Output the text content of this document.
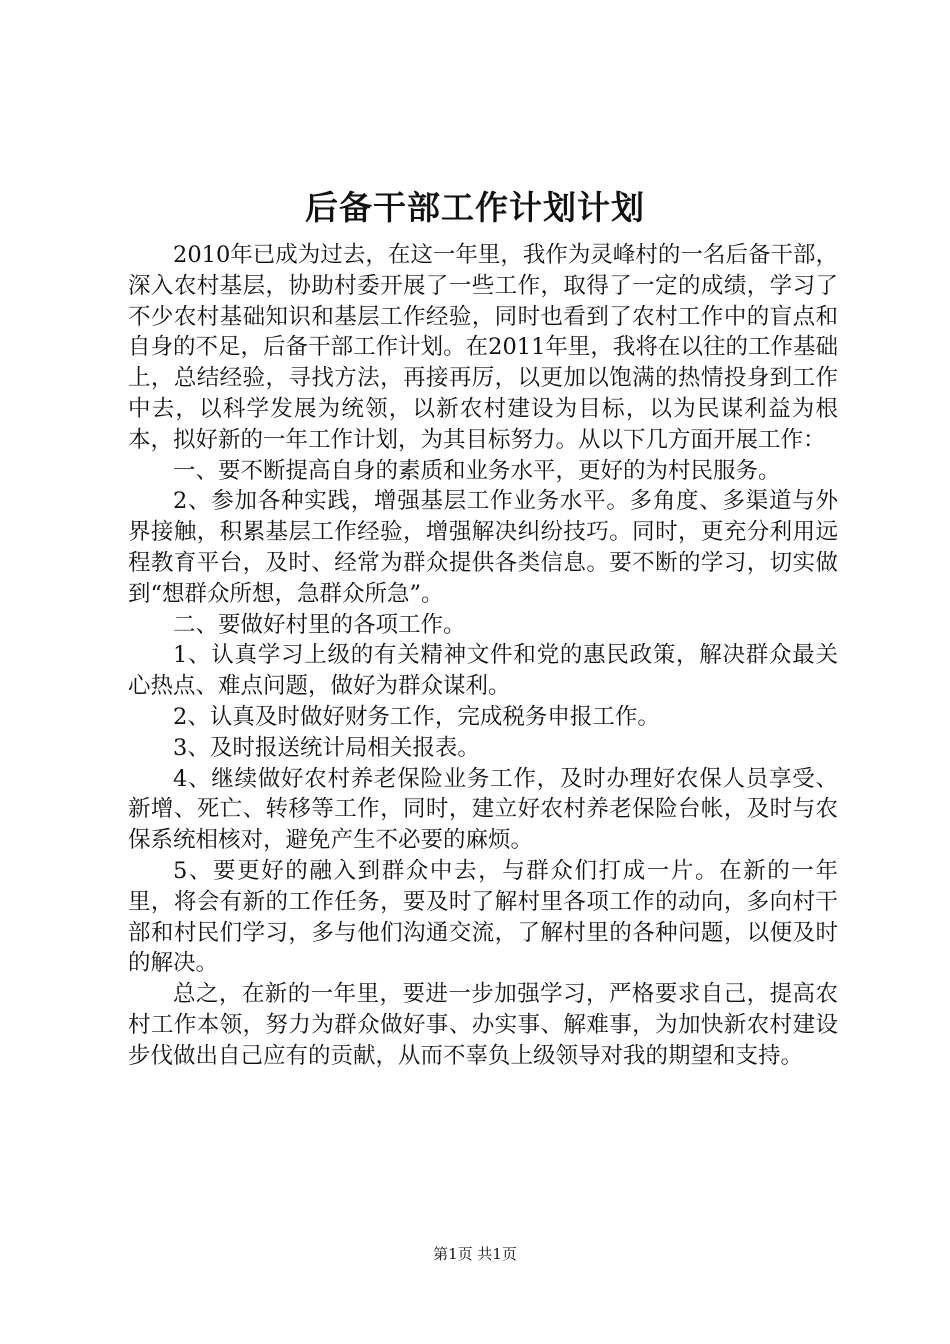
后备干部工作计划计划

2010年已成为过去，在这一年里，我作为灵峰村的一名后备干部，深入农村基层，协助村委开展了一些工作，取得了一定的成绩，学习了不少农村基础知识和基层工作经验，同时也看到了农村工作中的盲点和自身的不足，后备干部工作计划。在2011年里，我将在以往的工作基础上，总结经验，寻找方法，再接再厉，以更加以饱满的热情投身到工作中去，以科学发展为统领，以新农村建设为目标，以为民谋利益为根本，拟好新的一年工作计划，为其目标努力。从以下几方面开展工作：

一、要不断提高自身的素质和业务水平，更好的为村民服务。

2、参加各种实践，增强基层工作业务水平。多角度、多渠道与外界接触，积累基层工作经验，增强解决纠纷技巧。同时，更充分利用远程教育平台，及时、经常为群众提供各类信息。要不断的学习，切实做到“想群众所想，急群众所急”。

二、要做好村里的各项工作。

1、认真学习上级的有关精神文件和党的惠民政策，解决群众最关心热点、难点问题，做好为群众谋利。

2、认真及时做好财务工作，完成税务申报工作。

3、及时报送统计局相关报表。

4、继续做好农村养老保险业务工作，及时办理好农保人员享受、新增、死亡、转移等工作，同时，建立好农村养老保险台帐，及时与农保系统相核对，避免产生不必要的麻烦。

5、要更好的融入到群众中去，与群众们打成一片。在新的一年里，将会有新的工作任务，要及时了解村里各项工作的动向，多向村干部和村民们学习，多与他们沟通交流，了解村里的各种问题，以便及时的解决。

总之，在新的一年里，要进一步加强学习，严格要求自己，提高农村工作本领，努力为群众做好事、办实事、解难事，为加快新农村建设步伐做出自己应有的贡献，从而不辜负上级领导对我的期望和支持。

第1页 共1页
